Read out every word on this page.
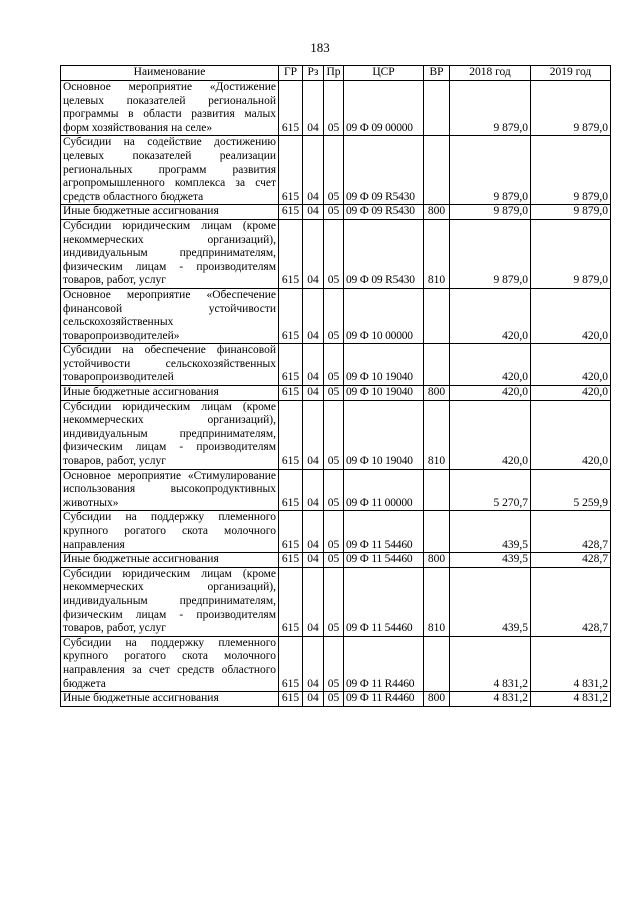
183
Наименование	ГР	Рз	Пр	ЦСР	ВР	2018 год	2019 год
Основное мероприятие «Достижение целевых показателей региональной программы в области развития малых форм хозяйствования на селе»	615	04	05	09 Ф 09 00000		9 879,0	9 879,0
Субсидии на содействие достижению целевых показателей реализации региональных программ развития агропромышленного комплекса за счет средств областного бюджета	615	04	05	09 Ф 09 R5430		9 879,0	9 879,0
Иные бюджетные ассигнования	615	04	05	09 Ф 09 R5430	800	9 879,0	9 879,0
Субсидии юридическим лицам (кроме некоммерческих организаций), индивидуальным предпринимателям, физическим лицам - производителям товаров, работ, услуг	615	04	05	09 Ф 09 R5430	810	9 879,0	9 879,0
Основное мероприятие «Обеспечение финансовой устойчивости сельскохозяйственных товаропроизводителей»	615	04	05	09 Ф 10 00000		420,0	420,0
Субсидии на обеспечение финансовой устойчивости сельскохозяйственных товаропроизводителей	615	04	05	09 Ф 10 19040		420,0	420,0
Иные бюджетные ассигнования	615	04	05	09 Ф 10 19040	800	420,0	420,0
Субсидии юридическим лицам (кроме некоммерческих организаций), индивидуальным предпринимателям, физическим лицам - производителям товаров, работ, услуг	615	04	05	09 Ф 10 19040	810	420,0	420,0
Основное мероприятие «Стимулирование использования высокопродуктивных животных»	615	04	05	09 Ф 11 00000		5 270,7	5 259,9
Субсидии на поддержку племенного крупного рогатого скота молочного направления	615	04	05	09 Ф 11 54460		439,5	428,7
Иные бюджетные ассигнования	615	04	05	09 Ф 11 54460	800	439,5	428,7
Субсидии юридическим лицам (кроме некоммерческих организаций), индивидуальным предпринимателям, физическим лицам - производителям товаров, работ, услуг	615	04	05	09 Ф 11 54460	810	439,5	428,7
Субсидии на поддержку племенного крупного рогатого скота молочного направления за счет средств областного бюджета	615	04	05	09 Ф 11 R4460		4 831,2	4 831,2
Иные бюджетные ассигнования	615	04	05	09 Ф 11 R4460	800	4 831,2	4 831,2
